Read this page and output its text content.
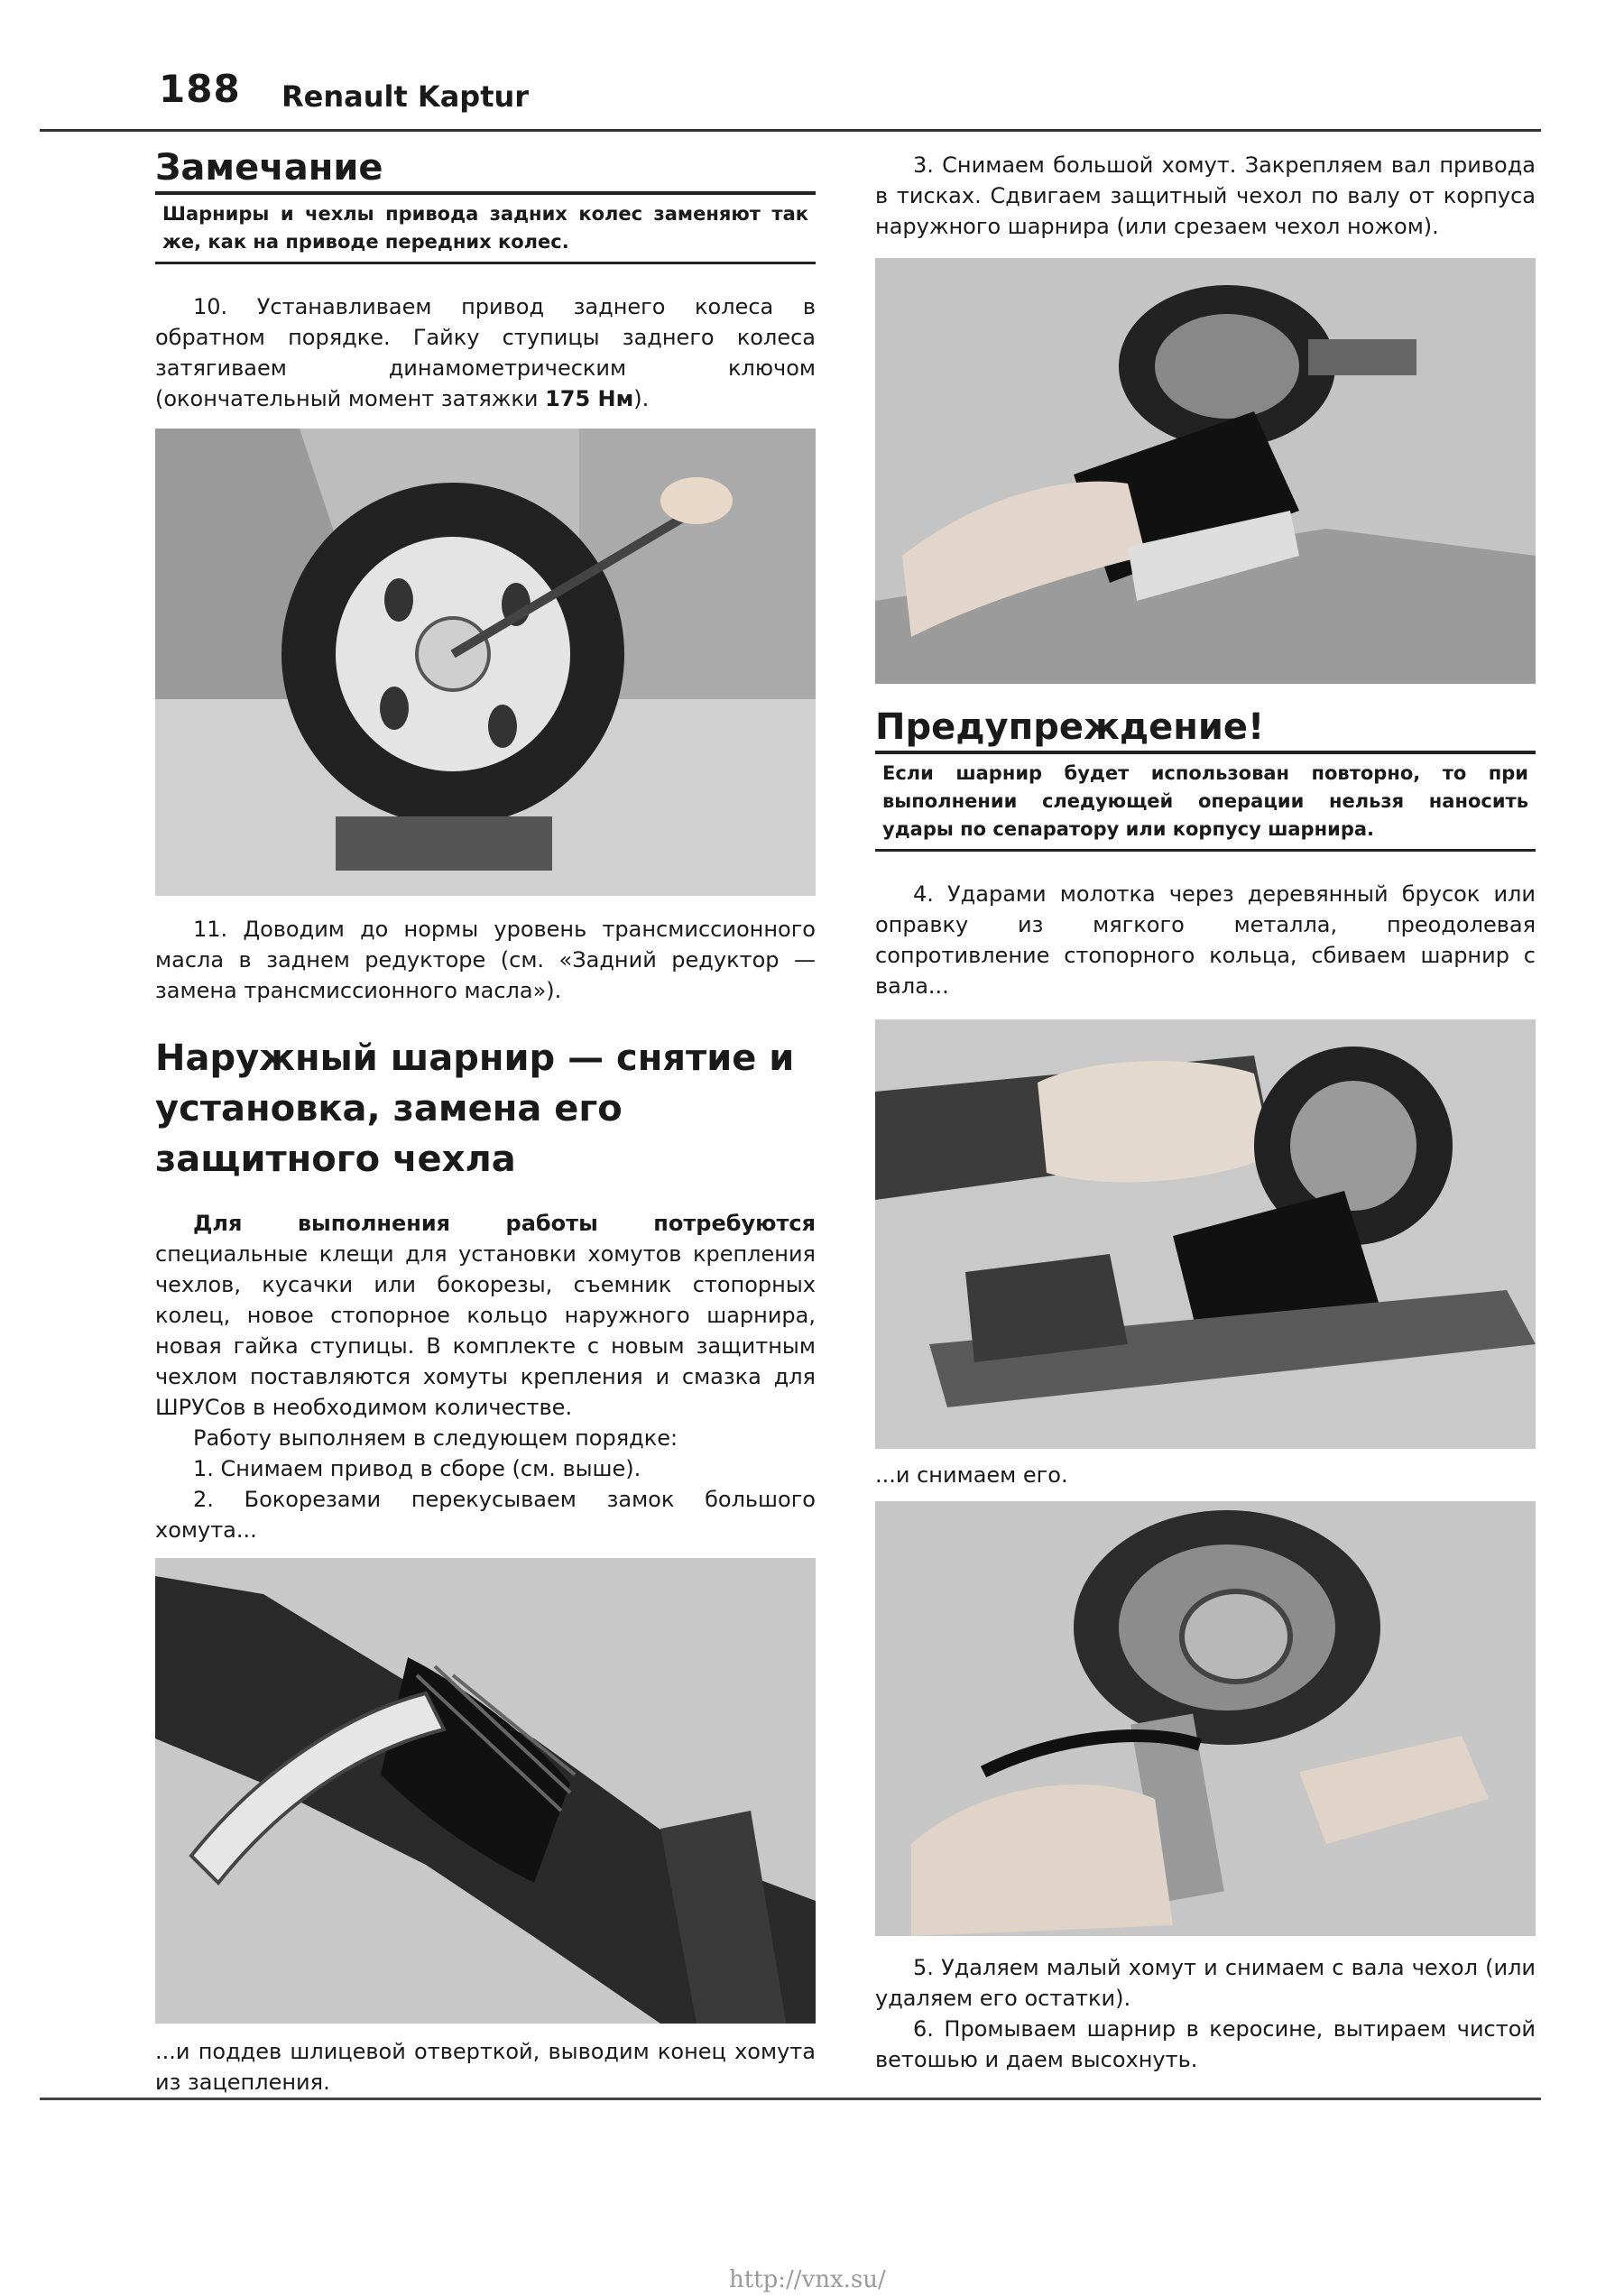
188 Renault Kaptur
Замечание
Шарниры и чехлы привода задних колес заменяют так же, как на приводе передних колес.

10. Устанавливаем привод заднего колеса в обратном порядке. Гайку ступицы заднего колеса затягиваем динамометрическим ключом (окончательный момент затяжки 175 Нм).

11. Доводим до нормы уровень трансмиссионного масла в заднем редукторе (см. «Задний редуктор — замена трансмиссионного масла»).

Наружный шарнир — снятие и установка, замена его защитного чехла

Для выполнения работы потребуются специальные клещи для установки хомутов крепления чехлов, кусачки или бокорезы, съемник стопорных колец, новое стопорное кольцо наружного шарнира, новая гайка ступицы. В комплекте с новым защитным чехлом поставляются хомуты крепления и смазка для ШРУСов в необходимом количестве.

Работу выполняем в следующем порядке:

1. Снимаем привод в сборе (см. выше).

2. Бокорезами перекусываем замок большого хомута...

...и поддев шлицевой отверткой, выводим конец хомута из зацепления.

3. Снимаем большой хомут. Закрепляем вал привода в тисках. Сдвигаем защитный чехол по валу от корпуса наружного шарнира (или срезаем чехол ножом).

Предупреждение!
Если шарнир будет использован повторно, то при выполнении следующей операции нельзя наносить удары по сепаратору или корпусу шарнира.

4. Ударами молотка через деревянный брусок или оправку из мягкого металла, преодолевая сопротивление стопорного кольца, сбиваем шарнир с вала...

...и снимаем его.

5. Удаляем малый хомут и снимаем с вала чехол (или удаляем его остатки).

6. Промываем шарнир в керосине, вытираем чистой ветошью и даем высохнуть.

http://vnx.su/
